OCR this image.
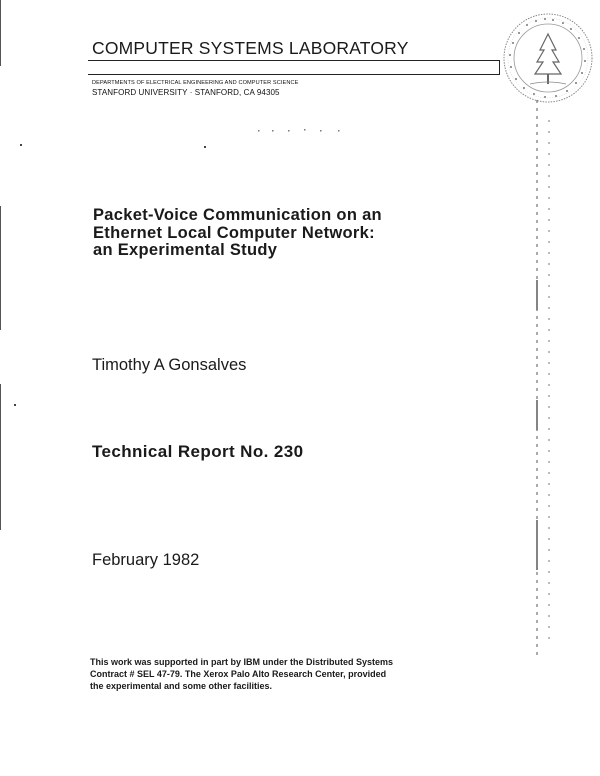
COMPUTER SYSTEMS LABORATORY
DEPARTMENTS OF ELECTRICAL ENGINEERING AND COMPUTER SCIENCE
STANFORD UNIVERSITY · STANFORD, CA 94305
Packet-Voice Communication on an
Ethernet Local Computer Network:
an Experimental Study
Timothy A Gonsalves
Technical Report No. 230
February 1982
This work was supported in part by IBM under the Distributed Systems
Contract # SEL 47-79. The Xerox Palo Alto Research Center, provided
the experimental and some other facilities.
